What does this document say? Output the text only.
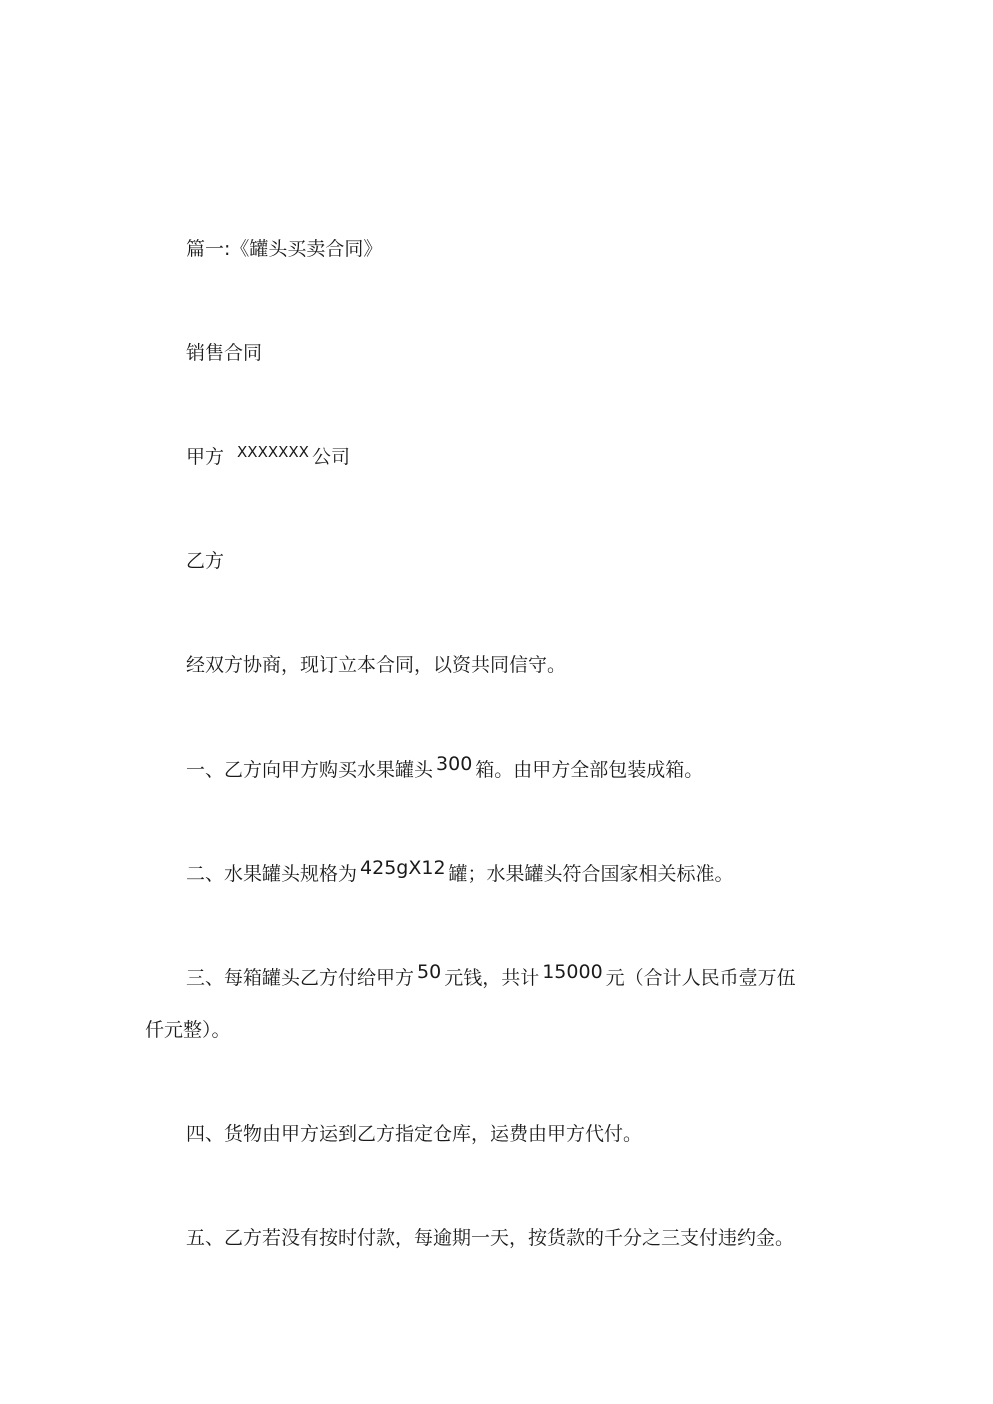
篇一:《罐头买卖合同》
销售合同
甲方 $^{XXXXXXX}$ 公司
乙方
经双方协商，现订立本合同，以资共同信守。
一、乙方向甲方购买水果罐头 300 箱。由甲方全部包装成箱。
二、水果罐头规格为 425gX12 罐；水果罐头符合国家相关标准。
三、每箱罐头乙方付给甲方 50 元钱，共计 15000 元（合计人民币壹万伍
仟元整）。
四、货物由甲方运到乙方指定仓库，运费由甲方代付。
五、乙方若没有按时付款，每逾期一天，按货款的千分之三支付违约金。
